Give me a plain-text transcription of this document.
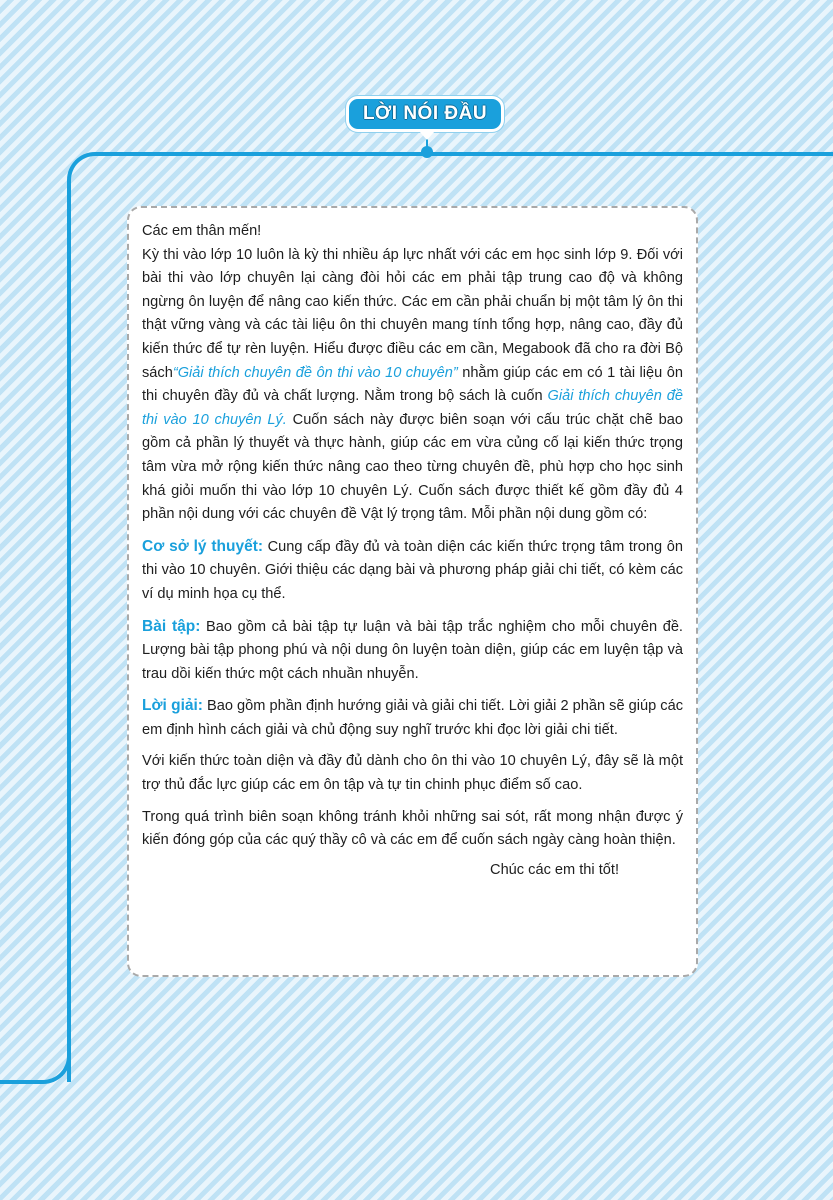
LỜI NÓI ĐẦU

Các em thân mến!

Kỳ thi vào lớp 10 luôn là kỳ thi nhiều áp lực nhất với các em học sinh lớp 9. Đối với bài thi vào lớp chuyên lại càng đòi hỏi các em phải tập trung cao độ và không ngừng ôn luyện để nâng cao kiến thức. Các em cần phải chuẩn bị một tâm lý ôn thi thật vững vàng và các tài liệu ôn thi chuyên mang tính tổng hợp, nâng cao, đầy đủ kiến thức để tự rèn luyện. Hiểu được điều các em cần, Megabook đã cho ra đời Bộ sách“Giải thích chuyên đề ôn thi vào 10 chuyên” nhằm giúp các em có 1 tài liệu ôn thi chuyên đầy đủ và chất lượng. Nằm trong bộ sách là cuốn Giải thích chuyên đề thi vào 10 chuyên Lý. Cuốn sách này được biên soạn với cấu trúc chặt chẽ bao gồm cả phần lý thuyết và thực hành, giúp các em vừa củng cố lại kiến thức trọng tâm vừa mở rộng kiến thức nâng cao theo từng chuyên đề, phù hợp cho học sinh khá giỏi muốn thi vào lớp 10 chuyên Lý. Cuốn sách được thiết kế gồm đầy đủ 4 phần nội dung với các chuyên đề Vật lý trọng tâm. Mỗi phần nội dung gồm có:

Cơ sở lý thuyết: Cung cấp đầy đủ và toàn diện các kiến thức trọng tâm trong ôn thi vào 10 chuyên. Giới thiệu các dạng bài và phương pháp giải chi tiết, có kèm các ví dụ minh họa cụ thể.

Bài tập: Bao gồm cả bài tập tự luận và bài tập trắc nghiệm cho mỗi chuyên đề. Lượng bài tập phong phú và nội dung ôn luyện toàn diện, giúp các em luyện tập và trau dồi kiến thức một cách nhuần nhuyễn.

Lời giải: Bao gồm phần định hướng giải và giải chi tiết. Lời giải 2 phần sẽ giúp các em định hình cách giải và chủ động suy nghĩ trước khi đọc lời giải chi tiết.

Với kiến thức toàn diện và đầy đủ dành cho ôn thi vào 10 chuyên Lý, đây sẽ là một trợ thủ đắc lực giúp các em ôn tập và tự tin chinh phục điểm số cao.

Trong quá trình biên soạn không tránh khỏi những sai sót, rất mong nhận được ý kiến đóng góp của các quý thầy cô và các em để cuốn sách ngày càng hoàn thiện.

Chúc các em thi tốt!
